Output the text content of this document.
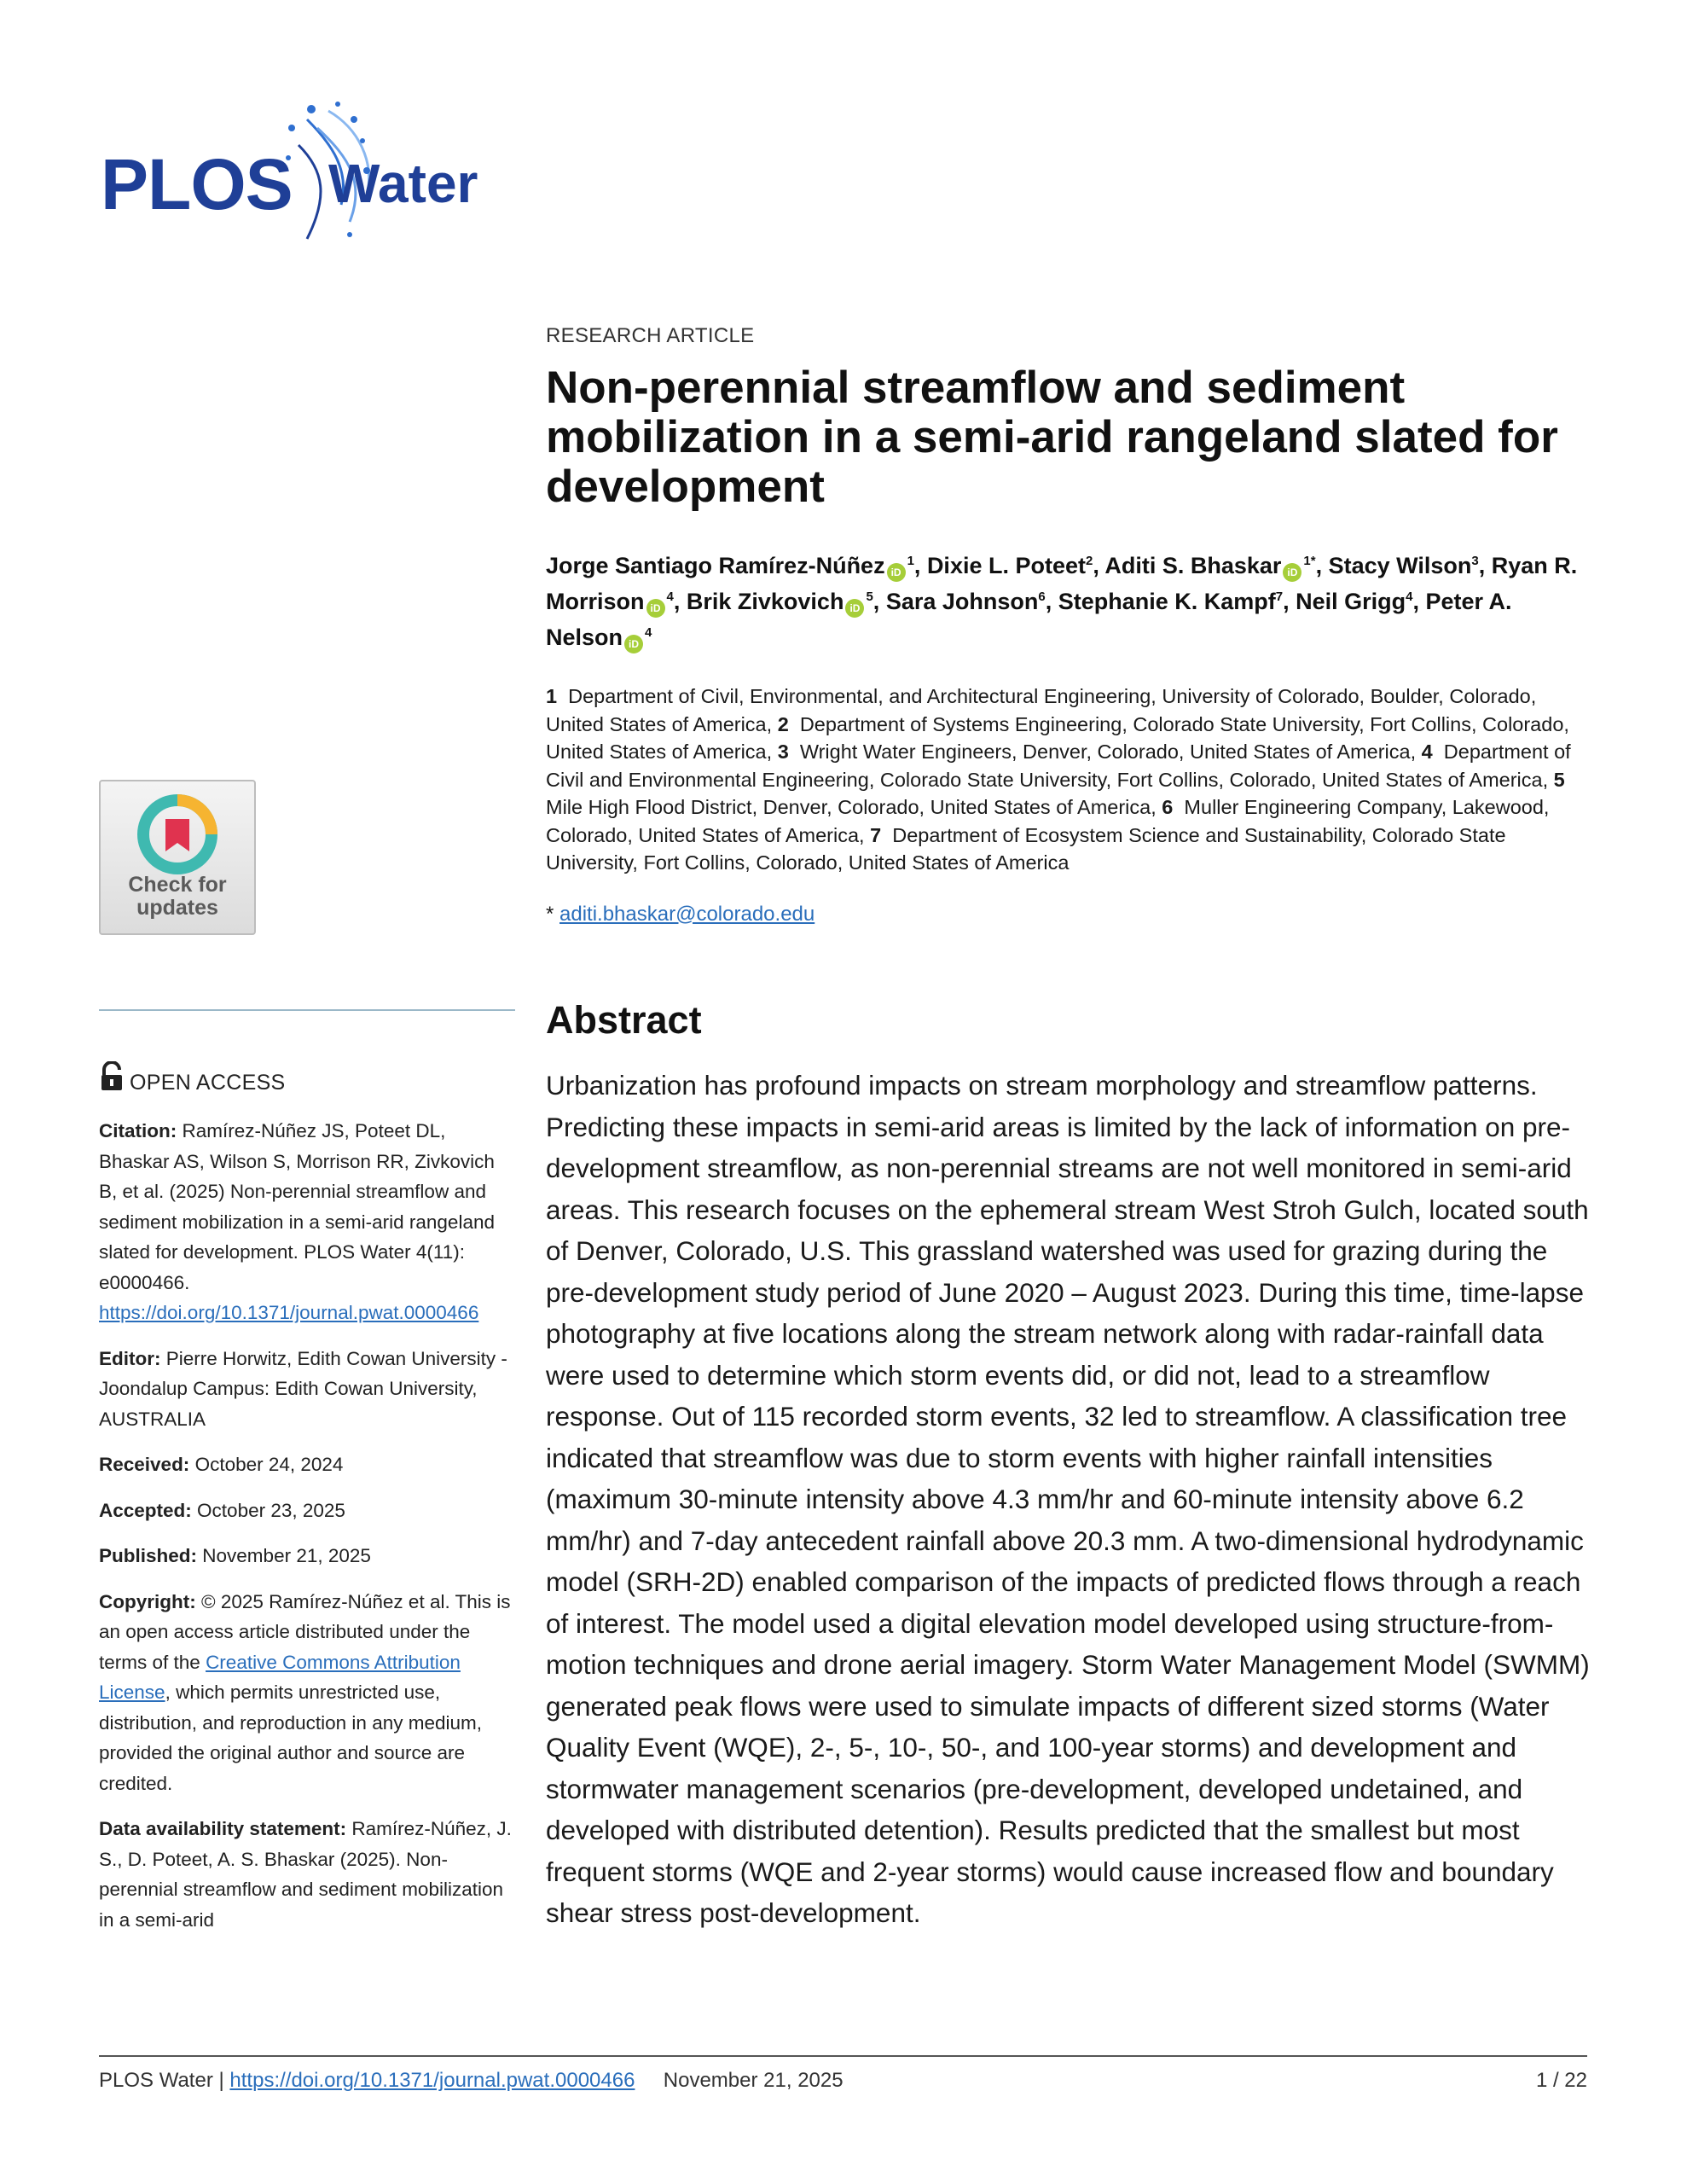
PLOS Water
Check for
updates
RESEARCH ARTICLE
Non-perennial streamflow and sediment mobilization in a semi-arid rangeland slated for development
Jorge Santiago Ramírez-Núñez $iD^1$, Dixie L. Poteet$^2$, Aditi S. Bhaskar $iD^{1*}$, Stacy Wilson$^3$, Ryan R. Morrison $iD^4$, Brik Zivkovich $iD^5$, Sara Johnson$^6$, Stephanie K. Kampf$^7$, Neil Grigg$^4$, Peter A. Nelson $iD^4$
1  Department of Civil, Environmental, and Architectural Engineering, University of Colorado, Boulder, Colorado, United States of America, 2  Department of Systems Engineering, Colorado State University, Fort Collins, Colorado, United States of America, 3  Wright Water Engineers, Denver, Colorado, United States of America, 4  Department of Civil and Environmental Engineering, Colorado State University, Fort Collins, Colorado, United States of America, 5  Mile High Flood District, Denver, Colorado, United States of America, 6  Muller Engineering Company, Lakewood, Colorado, United States of America, 7  Department of Ecosystem Science and Sustainability, Colorado State University, Fort Collins, Colorado, United States of America
* aditi.bhaskar@colorado.edu
Abstract
Urbanization has profound impacts on stream morphology and streamflow patterns. Predicting these impacts in semi-arid areas is limited by the lack of information on pre-development streamflow, as non-perennial streams are not well monitored in semi-arid areas. This research focuses on the ephemeral stream West Stroh Gulch, located south of Denver, Colorado, U.S. This grassland watershed was used for grazing during the pre-development study period of June 2020 – August 2023. During this time, time-lapse photography at five locations along the stream network along with radar-rainfall data were used to determine which storm events did, or did not, lead to a streamflow response. Out of 115 recorded storm events, 32 led to streamflow. A classification tree indicated that streamflow was due to storm events with higher rainfall intensities (maximum 30-minute intensity above 4.3 mm/hr and 60-minute intensity above 6.2 mm/hr) and 7-day antecedent rainfall above 20.3 mm. A two-dimensional hydrodynamic model (SRH-2D) enabled comparison of the impacts of predicted flows through a reach of interest. The model used a digital elevation model developed using structure-from-motion techniques and drone aerial imagery. Storm Water Management Model (SWMM) generated peak flows were used to simulate impacts of different sized storms (Water Quality Event (WQE), 2-, 5-, 10-, 50-, and 100-year storms) and development and stormwater management scenarios (pre-development, developed undetained, and developed with distributed detention). Results predicted that the smallest but most frequent storms (WQE and 2-year storms) would cause increased flow and boundary shear stress post-development.
OPEN ACCESS

Citation: Ramírez-Núñez JS, Poteet DL, Bhaskar AS, Wilson S, Morrison RR, Zivkovich B, et al. (2025) Non-perennial streamflow and sediment mobilization in a semi-arid rangeland slated for development. PLOS Water 4(11): e0000466. https://doi.org/10.1371/journal.pwat.0000466

Editor: Pierre Horwitz, Edith Cowan University - Joondalup Campus: Edith Cowan University, AUSTRALIA

Received: October 24, 2024

Accepted: October 23, 2025

Published: November 21, 2025

Copyright: © 2025 Ramírez-Núñez et al. This is an open access article distributed under the terms of the Creative Commons Attribution License, which permits unrestricted use, distribution, and reproduction in any medium, provided the original author and source are credited.

Data availability statement: Ramírez-Núñez, J. S., D. Poteet, A. S. Bhaskar (2025). Non-perennial streamflow and sediment mobilization in a semi-arid

PLOS Water | https://doi.org/10.1371/journal.pwat.0000466 November 21, 2025	1 / 22
